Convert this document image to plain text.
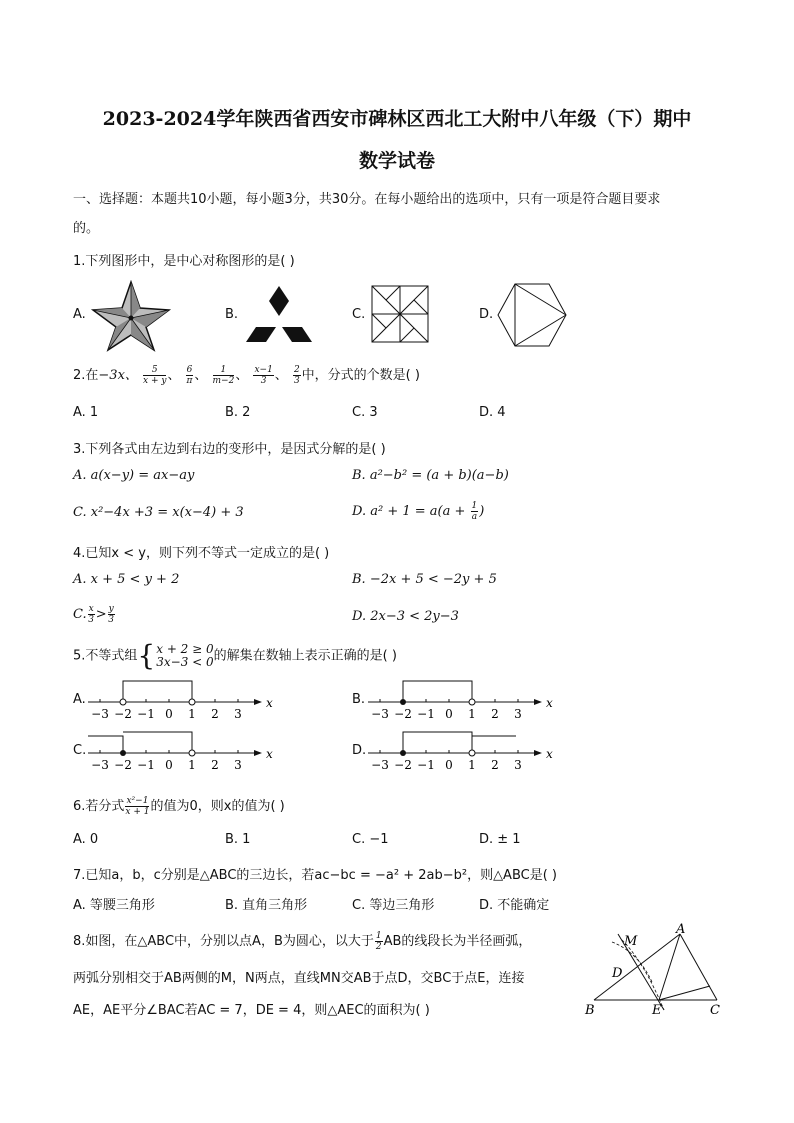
2023-2024学年陕西省西安市碑林区西北工大附中八年级（下）期中
数学试卷
一、选择题：本题共10小题，每小题3分，共30分。在每小题给出的选项中，只有一项是符合题目要求
的。
1.下列图形中，是中心对称图形的是( )
A.	B.	C.	D.
2.在−3x、 $\frac{5}{x + y}$ 、 $\frac{6}{\pi}$ 、 $\frac{1}{m-2}$ 、 $\frac{x-1}{3}$ 、 $\frac{2}{3}$ 中，分式的个数是( )
A. 1	B. 2	C. 3	D. 4
3.下列各式由左边到右边的变形中，是因式分解的是( )
A. a(x−y) = ax−ay	B. a²−b² = (a + b)(a−b)
C. x²−4x +3 = x(x−4) + 3	D. $a^2 + 1 = a(a + \frac{1}{a}$ )
4.已知x < y，则下列不等式一定成立的是( )
A. x + 5 < y + 2	B. −2x + 5 < −2y + 5
C. $\frac{x}{3} > \frac{y}{3}$	D. 2x−3 < 2y−3
5.不等式组 { x + 2 ≥ 0
3x−3 < 0 的解集在数轴上表示正确的是( )
A.
−3 −2 −1 0 1 2 3
x	B.
−3 −2 −1 0 1 2 3
x
C.
−3 −2 −1 0 1 2 3
x	D.
−3 −2 −1 0 1 2 3
x
6.若分式 $\frac{\text{x²−1}}{x + 1}$ 的值为0，则x的值为( )
A. 0	B. 1	C. −1	D. ± 1
7.已知a，b，c分别是△ABC的三边长，若ac−bc = −a² + 2ab−b²，则△ABC是( )
A. 等腰三角形	B. 直角三角形	C. 等边三角形	D. 不能确定
8.如图，在△ABC中，分别以点A，B为圆心，以大于 $\frac{1}{2}$ AB的线段长为半径画弧，
两弧分别相交于AB两侧的M，N两点，直线MN交AB于点D，交BC于点E，连接
AE，AE平分∠BAC若AC = 7，DE = 4，则△AEC的面积为( )
M
A
D
B	E	C
